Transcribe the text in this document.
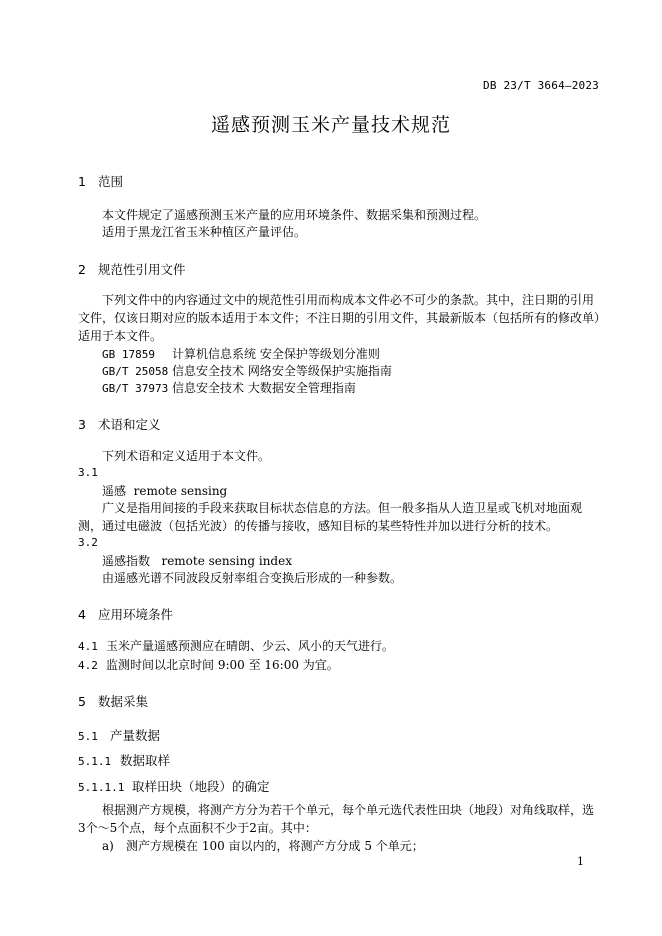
DB 23/T 3664—2023
遥感预测玉米产量技术规范
1 范围
本文件规定了遥感预测玉米产量的应用环境条件、数据采集和预测过程。
适用于黑龙江省玉米种植区产量评估。
2 规范性引用文件
下列文件中的内容通过文中的规范性引用而构成本文件必不可少的条款。其中，注日期的引用文件，仅该日期对应的版本适用于本文件；不注日期的引用文件，其最新版本（包括所有的修改单）适用于本文件。
GB 17859 计算机信息系统 安全保护等级划分准则
GB/T 25058 信息安全技术 网络安全等级保护实施指南
GB/T 37973 信息安全技术 大数据安全管理指南
3 术语和定义
下列术语和定义适用于本文件。
3.1
遥感 remote sensing
广义是指用间接的手段来获取目标状态信息的方法。但一般多指从人造卫星或飞机对地面观测，通过电磁波（包括光波）的传播与接收，感知目标的某些特性并加以进行分析的技术。
3.2
遥感指数 remote sensing index
由遥感光谱不同波段反射率组合变换后形成的一种参数。
4 应用环境条件
4.1 玉米产量遥感预测应在晴朗、少云、风小的天气进行。
4.2 监测时间以北京时间 9:00 至 16:00 为宜。
5 数据采集
5.1 产量数据
5.1.1 数据取样
5.1.1.1 取样田块（地段）的确定
根据测产方规模，将测产方分为若干个单元，每个单元选代表性田块（地段）对角线取样，选3个～5个点，每个点面积不少于2亩。其中：
a) 测产方规模在 100 亩以内的，将测产方分成 5 个单元；
1
